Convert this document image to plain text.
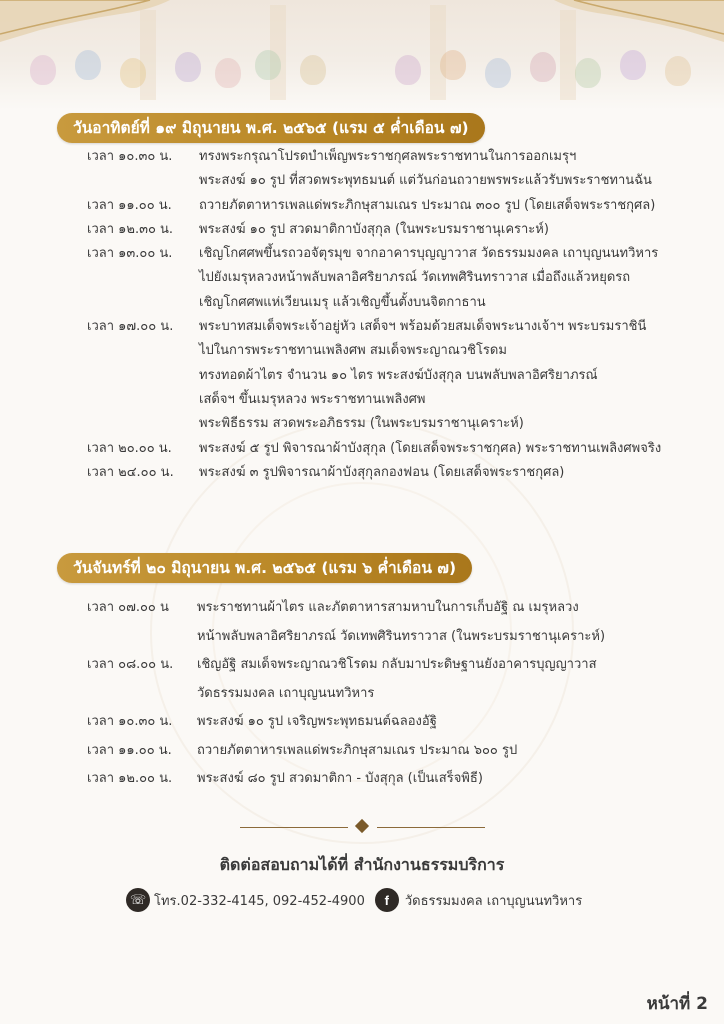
วันอาทิตย์ที่ ๑๙ มิถุนายน พ.ศ. ๒๕๖๕ (แรม ๕ ค่ำเดือน ๗)
เวลา ๑๐.๓๐ น.	ทรงพระกรุณาโปรดบำเพ็ญพระราชกุศลพระราชทานในการออกเมรุฯ
พระสงฆ์ ๑๐ รูป ที่สวดพระพุทธมนต์ แต่วันก่อนถวายพรพระแล้วรับพระราชทานฉัน
เวลา ๑๑.๐๐ น.	ถวายภัตตาหารเพลแด่พระภิกษุสามเณร ประมาณ ๓๐๐ รูป (โดยเสด็จพระราชกุศล)
เวลา ๑๒.๓๐ น.	พระสงฆ์ ๑๐ รูป สวดมาติกาบังสุกุล (ในพระบรมราชานุเคราะห์)
เวลา ๑๓.๐๐ น.	เชิญโกศศพขึ้นรถวอจัตุรมุข จากอาคารบุญญาวาส วัดธรรมมงคล เถาบุญนนทวิหาร
ไปยังเมรุหลวงหน้าพลับพลาอิศริยาภรณ์ วัดเทพศิรินทราวาส เมื่อถึงแล้วหยุดรถ
เชิญโกศศพแห่เวียนเมรุ แล้วเชิญขึ้นตั้งบนจิตกาธาน
เวลา ๑๗.๐๐ น.	พระบาทสมเด็จพระเจ้าอยู่หัว เสด็จฯ พร้อมด้วยสมเด็จพระนางเจ้าฯ พระบรมราชินี
ไปในการพระราชทานเพลิงศพ สมเด็จพระญาณวชิโรดม
ทรงทอดผ้าไตร จำนวน ๑๐ ไตร พระสงฆ์บังสุกุล บนพลับพลาอิศริยาภรณ์
เสด็จฯ ขึ้นเมรุหลวง พระราชทานเพลิงศพ
พระพิธีธรรม สวดพระอภิธรรม (ในพระบรมราชานุเคราะห์)
เวลา ๒๐.๐๐ น.	พระสงฆ์ ๕ รูป พิจารณาผ้าบังสุกุล (โดยเสด็จพระราชกุศล) พระราชทานเพลิงศพจริง
เวลา ๒๔.๐๐ น.	พระสงฆ์ ๓ รูปพิจารณาผ้าบังสุกุลกองฟอน (โดยเสด็จพระราชกุศล)
วันจันทร์ที่ ๒๐ มิถุนายน พ.ศ. ๒๕๖๕ (แรม ๖ ค่ำเดือน ๗)
เวลา ๐๗.๐๐ น	พระราชทานผ้าไตร และภัตตาหารสามหาบในการเก็บอัฐิ ณ เมรุหลวง
หน้าพลับพลาอิศริยาภรณ์ วัดเทพศิรินทราวาส (ในพระบรมราชานุเคราะห์)
เวลา ๐๘.๐๐ น.	เชิญอัฐิ สมเด็จพระญาณวชิโรดม กลับมาประดิษฐานยังอาคารบุญญาวาส
วัดธรรมมงคล เถาบุญนนทวิหาร
เวลา ๑๐.๓๐ น.	พระสงฆ์ ๑๐ รูป เจริญพระพุทธมนต์ฉลองอัฐิ
เวลา ๑๑.๐๐ น.	ถวายภัตตาหารเพลแด่พระภิกษุสามเณร ประมาณ ๖๐๐ รูป
เวลา ๑๒.๐๐ น.	พระสงฆ์ ๘๐ รูป สวดมาติกา - บังสุกุล (เป็นเสร็จพิธี)
ติดต่อสอบถามได้ที่ สำนักงานธรรมบริการ
☏ โทร.02-332-4145, 092-452-4900	f	วัดธรรมมงคล เถาบุญนนทวิหาร
หน้าที่ 2
